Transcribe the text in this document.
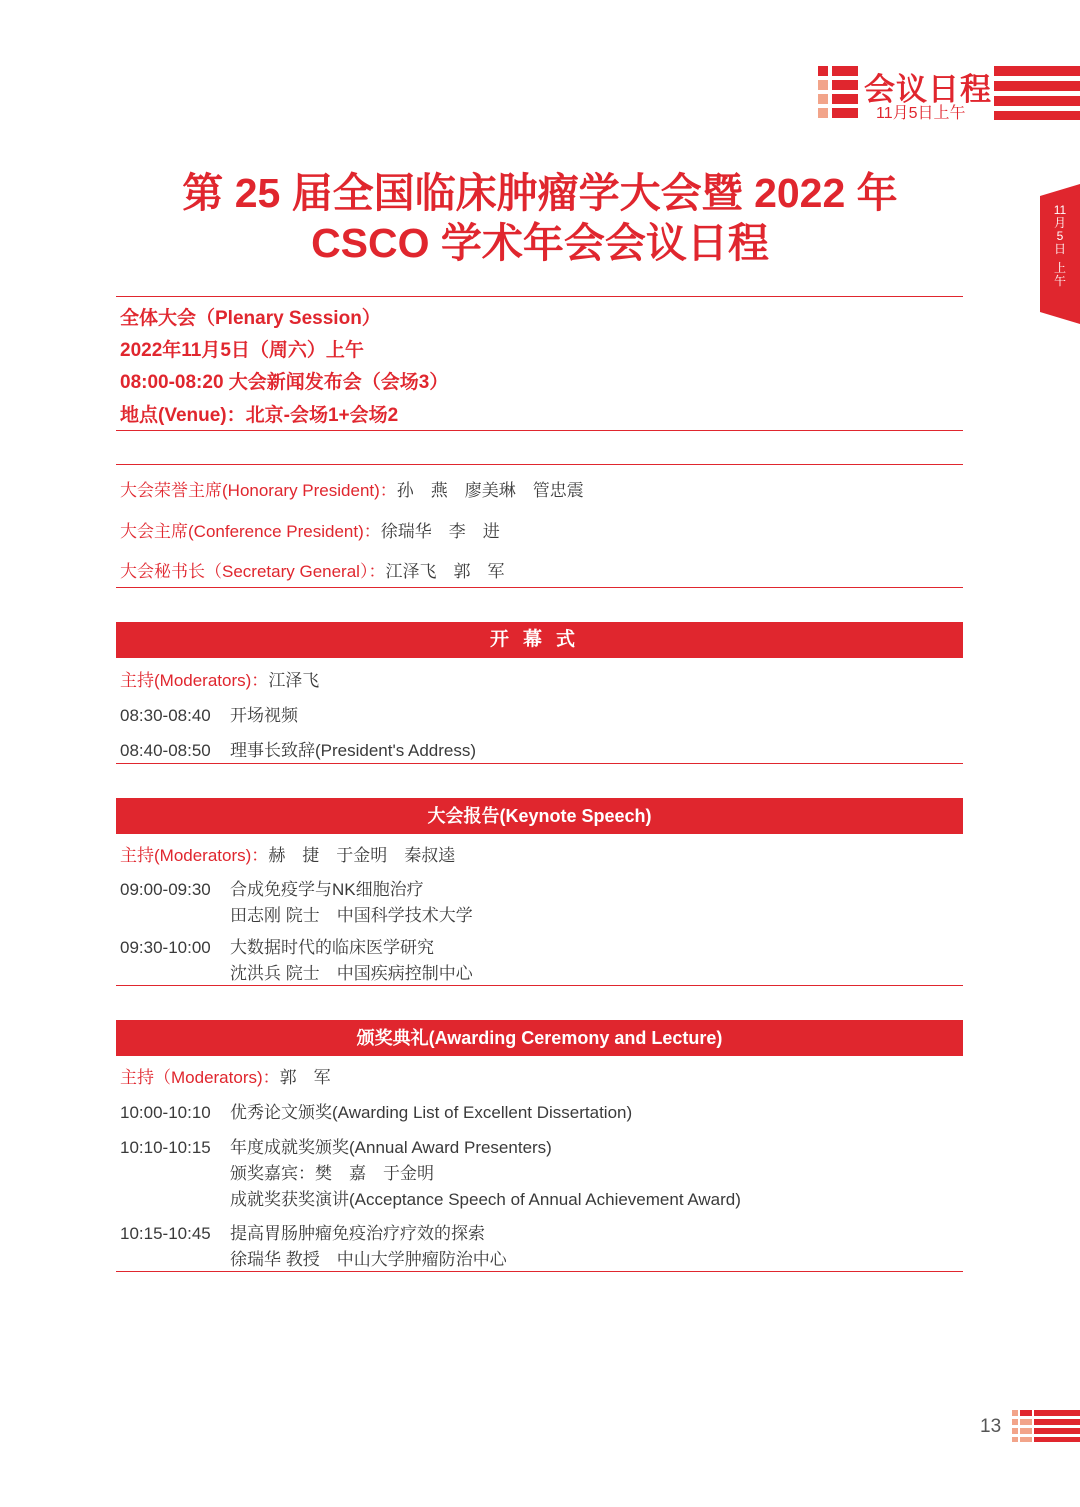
会议日程
11月5日上午
11
月
5
日
上
午
第 25 届全国临床肿瘤学大会暨 2022 年
CSCO 学术年会会议日程
全体大会（Plenary Session）
2022年11月5日（周六）上午
08:00-08:20 大会新闻发布会（会场3）
地点(Venue)：北京-会场1+会场2
大会荣誉主席(Honorary President)：孙　燕　廖美琳　管忠震
大会主席(Conference President)：徐瑞华　李　进
大会秘书长（Secretary General）：江泽飞　郭　军
开幕式
主持(Moderators)：江泽飞
08:30-08:40 开场视频
08:40-08:50 理事长致辞(President's Address)
大会报告(Keynote Speech)
主持(Moderators)：赫　捷　于金明　秦叔逵
09:00-09:30 合成免疫学与NK细胞治疗
田志刚 院士　中国科学技术大学
09:30-10:00 大数据时代的临床医学研究
沈洪兵 院士　中国疾病控制中心
颁奖典礼(Awarding Ceremony and Lecture)
主持（Moderators)：郭　军
10:00-10:10 优秀论文颁奖(Awarding List of Excellent Dissertation)
10:10-10:15 年度成就奖颁奖(Annual Award Presenters)
颁奖嘉宾：樊　嘉　于金明
成就奖获奖演讲(Acceptance Speech of Annual Achievement Award)
10:15-10:45 提高胃肠肿瘤免疫治疗疗效的探索
徐瑞华 教授　中山大学肿瘤防治中心
13
